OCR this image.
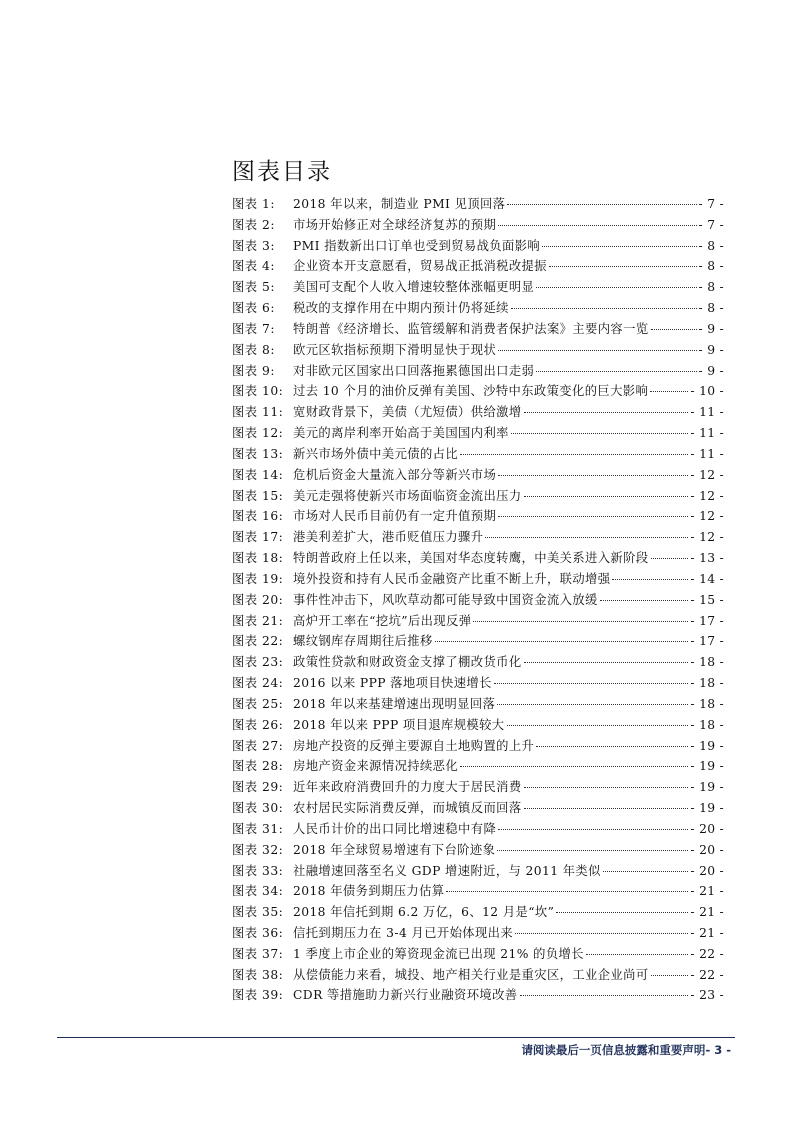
图表目录
图表 1:	2018 年以来，制造业 PMI 见顶回落	- 7 -
图表 2:	市场开始修正对全球经济复苏的预期	- 7 -
图表 3:	PMI 指数新出口订单也受到贸易战负面影响	- 8 -
图表 4:	企业资本开支意愿看，贸易战正抵消税改提振	- 8 -
图表 5:	美国可支配个人收入增速较整体涨幅更明显	- 8 -
图表 6:	税改的支撑作用在中期内预计仍将延续	- 8 -
图表 7:	特朗普《经济增长、监管缓解和消费者保护法案》主要内容一览	- 9 -
图表 8:	欧元区软指标预期下滑明显快于现状	- 9 -
图表 9:	对非欧元区国家出口回落拖累德国出口走弱	- 9 -
图表 10: 过去 10 个月的油价反弹有美国、沙特中东政策变化的巨大影响	- 10 -
图表 11: 宽财政背景下，美债（尤短债）供给激增	- 11 -
图表 12: 美元的离岸利率开始高于美国国内利率	- 11 -
图表 13: 新兴市场外债中美元债的占比	- 11 -
图表 14: 危机后资金大量流入部分等新兴市场	- 12 -
图表 15: 美元走强将使新兴市场面临资金流出压力	- 12 -
图表 16: 市场对人民币目前仍有一定升值预期	- 12 -
图表 17: 港美利差扩大，港币贬值压力骤升	- 12 -
图表 18: 特朗普政府上任以来，美国对华态度转鹰，中美关系进入新阶段	- 13 -
图表 19: 境外投资和持有人民币金融资产比重不断上升，联动增强	- 14 -
图表 20: 事件性冲击下，风吹草动都可能导致中国资金流入放缓	- 15 -
图表 21: 高炉开工率在“挖坑”后出现反弹	- 17 -
图表 22: 螺纹钢库存周期往后推移	- 17 -
图表 23: 政策性贷款和财政资金支撑了棚改货币化	- 18 -
图表 24: 2016 以来 PPP 落地项目快速增长	- 18 -
图表 25: 2018 年以来基建增速出现明显回落	- 18 -
图表 26: 2018 年以来 PPP 项目退库规模较大	- 18 -
图表 27: 房地产投资的反弹主要源自土地购置的上升	- 19 -
图表 28: 房地产资金来源情况持续恶化	- 19 -
图表 29: 近年来政府消费回升的力度大于居民消费	- 19 -
图表 30: 农村居民实际消费反弹，而城镇反而回落	- 19 -
图表 31: 人民币计价的出口同比增速稳中有降	- 20 -
图表 32: 2018 年全球贸易增速有下台阶迹象	- 20 -
图表 33: 社融增速回落至名义 GDP 增速附近，与 2011 年类似	- 20 -
图表 34: 2018 年债务到期压力估算	- 21 -
图表 35: 2018 年信托到期 6.2 万亿，6、12 月是“坎”	- 21 -
图表 36: 信托到期压力在 3-4 月已开始体现出来	- 21 -
图表 37: 1 季度上市企业的筹资现金流已出现 21% 的负增长	- 22 -
图表 38: 从偿债能力来看，城投、地产相关行业是重灾区，工业企业尚可	- 22 -
图表 39: CDR 等措施助力新兴行业融资环境改善	- 23 -
请阅读最后一页信息披露和重要声明- 3 -
